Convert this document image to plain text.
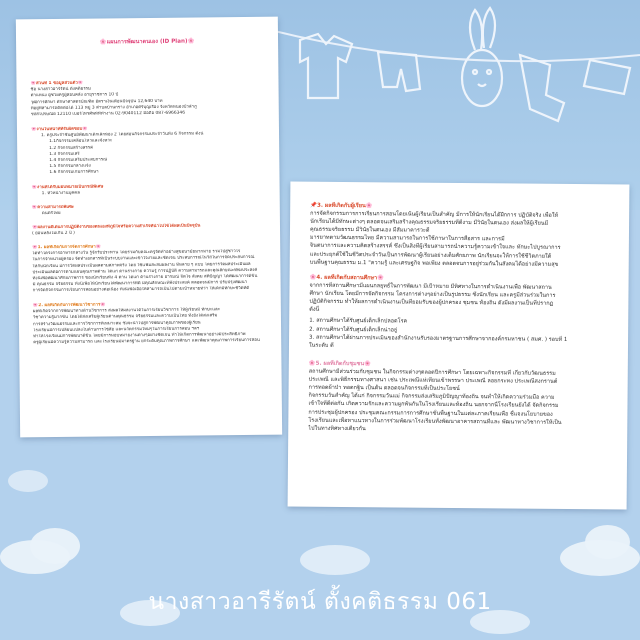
🌸แผนการพัฒนาตนเอง (ID Plan)🌸
🌸ส่วนที่ 1 ข้อมูลส่วนตัว🌸
ชื่อ นางสาวอารีรัตน์ ตั้งคติธรรม
ตำแหน่ง ผู้ช่วยครูผู้สอนคลัง อายุราชการ 10 ปี
วุฒิการศึกษา ศึกษาศาสตรบัณฑิต อัตราเงินเดือนปัจจุบัน 12,640 บาท
ที่อยู่ที่สามารถติดต่อได้ 113 หมู่ 3 ตำบลบ้านกร่าง อำเภอศรีบุญเรือง จังหวัดหนองบัวลำภู
รหัสไปรษณีย์ 12110 เบอร์โทรศัพท์ที่ทำงาน 02-9040112 มือถือ 087-6966346
🌸งานในหน้าที่ที่รับผิดชอบ🌸
1. ครูประจำชั้นศูนย์พัฒนาเด็กเล็กห้อง 2 โดยสอนกิจกรรมประจำวันทั้ง 6 กิจกรรม ดังนี้
1.1กิจกรรมเคลื่อนไหวและจังหวะ
1.2 กิจกรรมสร้างสรรค์
1.3 กิจกรรมเสรี
1.4 กิจกรรมเสริมประสบการณ์
1.5 กิจกรรมกลางแจ้ง
1.6 กิจกรรมเกมการศึกษา
🌸งานที่ได้รับมอบหมายเป็นกรณีพิเศษ
1. หัวหน้างานบุคคล
🌸ความสามารถพิเศษ
ดนตรีไทย
🌸ผลงานดีเด่นการปฏิบัติงานของตนเองที่ภูมิใจหรือความสำเร็จที่นำไปใช้ได้ผลเป็นปัจจุบัน
( ย้อนหลังไม่เกิน 2 ปี )
🌸1. ผลที่เกิดกับการจัดการศึกษา🌸
ได้ทำโครงการอาหารกลางวัน รู้จักรับประทาน โดยร่วมกับคณะครูจัดทำอย่างสุขอนามัยมากมาย รวมไปสู่ชาวไร
ในการจำหน่ายผู้ครอง จัดทำเอกสารที่เป็นระบบงานและเข้าใจง่ายและชัดเจน ประสบการณ์ในวิถีในการจัดประสบการณ์
ให้กับนักเรียน มีการวัดผลประเมินผลตามสภาพจริง โดย ใช้แฟ้มสะสมผลงาน ที่หลาย ๆ แบบ โดยการวัดผลประเมินผล
ประเมินผลต่อการตามแผนคุณภาพด้าน ได้แก่ ด้านร่างกาย ความรู้ การปฏิบัติ ความสามารถและคุณลักษณะที่พึงประสงค์
ทั้งนี้เพื่อพัฒนาศักยภาพการ ของนักเรียนทั้ง 4 ด้าน ได้แก่ ด้านร่างกาย อารมณ์ จิตใจ สังคม สติปัญญา ได้พัฒนาการดีขึ้น
มี คุณธรรม จริยธรรม ทั้งนี้เพื่อให้นักเรียนได้พัฒนาการที่ดี มีคุณลักษณะที่พึงประสงค์ ตลอดจนมีการ ปรับปรุงพัฒนา
การจัดกิจกรรมการเรียนการสอนอย่างต่อเนื่อง ทั้งนี้เพื่อเอื้อให้สามารถเป็นไปตามเป้าหมายที่ว่า ให้เด็กมีทักษะชีวิตที่ดี
🌸2. ผลที่เกิดกับการพัฒนาวิชาการ🌸
ผลที่เกิดจากการพัฒนาทางด้านวิชาการ ส่งผลให้ผลงานได้ในการเรียนวิชาการ ให้ผู้เรียนมี ทักษะและ
วิชาความรู้มากขึ้น โดยได้ส่งเสริมผู้เรียนด้านคุณธรรม จริยธรรมและความเป็นไทย ทั้งยังได้ส่งเสริม
การสร้างวัฒนธรรมและการวิชาการที่เหมาะสม ซึ่งจะนำไปสู่การพัฒนาคุณภาพของผู้เรียน
โรงเรียนมีการเปลี่ยนแปลงในด้านการใช้สื่อ และนวัตกรรมใหม่ๆในการเรียนการสอน ฯลฯ
ทำให้โรงเรียนมีการพัฒนาดีขึ้น โดยมีการมอบหมายงานต่างๆอย่างชัดเจน ทำให้เกิดการพัฒนาอย่างมีประสิทธิภาพ
ครูผู้เรียนมีความรู้ความสามารถ และโรงเรียนมีมาตรฐาน ยกระดับคุณภาพการศึกษา และพัฒนาคุณภาพการเรียนการสอน
📌3. ผลที่เกิดกับผู้เรียน🌸
การจัดกิจกรรมการการเรียนการสอนโดยเน้นผู้เรียนเป็นสำคัญ มีการให้นักเรียนได้ฝึกการ ปฏิบัติจริง เพื่อให้
นักเรียนได้มีทักษะต่างๆ ตลอดจนเสริมสร้างคุณธรรมจริยธรรมที่ดีงาม มีวินัยในตนเอง ส่งผลให้ผู้เรียนมี
คุณธรรมจริยธรรม มีวินัยในตนเอง มีสัมมาคารวะดี
มารยาทตามวัฒนธรรมไทย มีความสามารถในการใช้ภาษาในการสื่อสาร และการมี
จินตนาการและความคิดสร้างสรรค์ ซึ่งเป็นสิ่งที่ผู้เรียนสามารถนำความรู้ความเข้าใจและ ทักษะไปบูรณาการ
และประยุกต์ใช้ในชีวิตประจำวันเป็นการพัฒนาผู้เรียนอย่างเต็มศักยภาพ นักเรียนจะให้การใช้ชีวิตภายใต้
บนพื้นฐานคุณธรรม ม.1 "ความรู้ และเศรษฐกิจ พอเพียง ตลอดจนการอยู่ร่วมกันในสังคมได้อย่างมีความสุข
🌸4. ผลที่เกิดกับสถานศึกษา🌸
จากการที่สถานศึกษามีแผนกลยุทธ์ในการพัฒนา มีเป้าหมาย มีทิศทางในการดำเนินงานเพื่อ พัฒนาสถาน
ศึกษา นักเรียน โดยมีการจัดกิจกรรม โครงการต่างๆอย่างเป็นรูปธรรม ซึ่งนักเรียน และครูมีส่วนร่วมในการ
ปฏิบัติกิจกรรม ทำให้ผลการดำเนินงานเป็นที่ยอมรับของผู้ปกครอง ชุมชน ท้องถิ่น ดังมีผลงานเป็นที่ปรากฏ
ดังนี้
1. สถานศึกษาได้รับศูนย์เด็กเล็กปลอดโรค
2. สถานศึกษาได้รับศูนย์เด็กเล็กน่าอยู่
3. สถานศึกษาได้ผ่านการประเมินของสำนักงานรับรองมาตรฐานการศึกษาจากองค์กรมหาชน ( สมศ. ) รอบที่ 1
ในระดับ ดี
🌸5. ผลที่เกิดกับชุมชน🌸
สถานศึกษามีส่วนร่วมกับชุมชน ในกิจกรรมต่างๆตลอดปีการศึกษา โดยเฉพาะกิจกรรมที่ เกี่ยวกับวัฒนธรรม
ประเพณี และพิธีกรรมทางศาสนา เช่น ประเพณีแห่เทียนเข้าพรรษา ประเพณี ลอยกระทง ประเพณีสงกรานต์
การทอดผ้าป่า ทอดกฐิน เป็นต้น ตลอดจนกิจกรรมที่เป็นประโยชน์
กิจกรรมวันสำคัญ ได้แก่ กิจกรรมวันแม่ กิจกรรมส่งเสริมภูมิปัญญาท้องถิ่น จนทำให้เกิดความร่วมมือ ความ
เข้าใจที่ดีต่อกัน เกิดความรักและความผูกพันกันในโรงเรียนและท้องถิ่น นอกจากนี้โรงเรียนยังได้ จัดกิจกรรม
การประชุมผู้ปกครอง ประชุมคณะกรรมการการศึกษาขั้นพื้นฐานในแต่ละภาคเรียนเพื่อ ชี้แจงนโยบายของ
โรงเรียนและเพื่อหาแนวทางในการร่วมพัฒนาโรงเรียนทั้งพัฒนาอาคารสถานที่และ พัฒนาทางวิชาการให้เป็น
ไปในทางทิศทางเดียวกัน
นางสาวอารีรัตน์ ตั้งคติธรรม 061
